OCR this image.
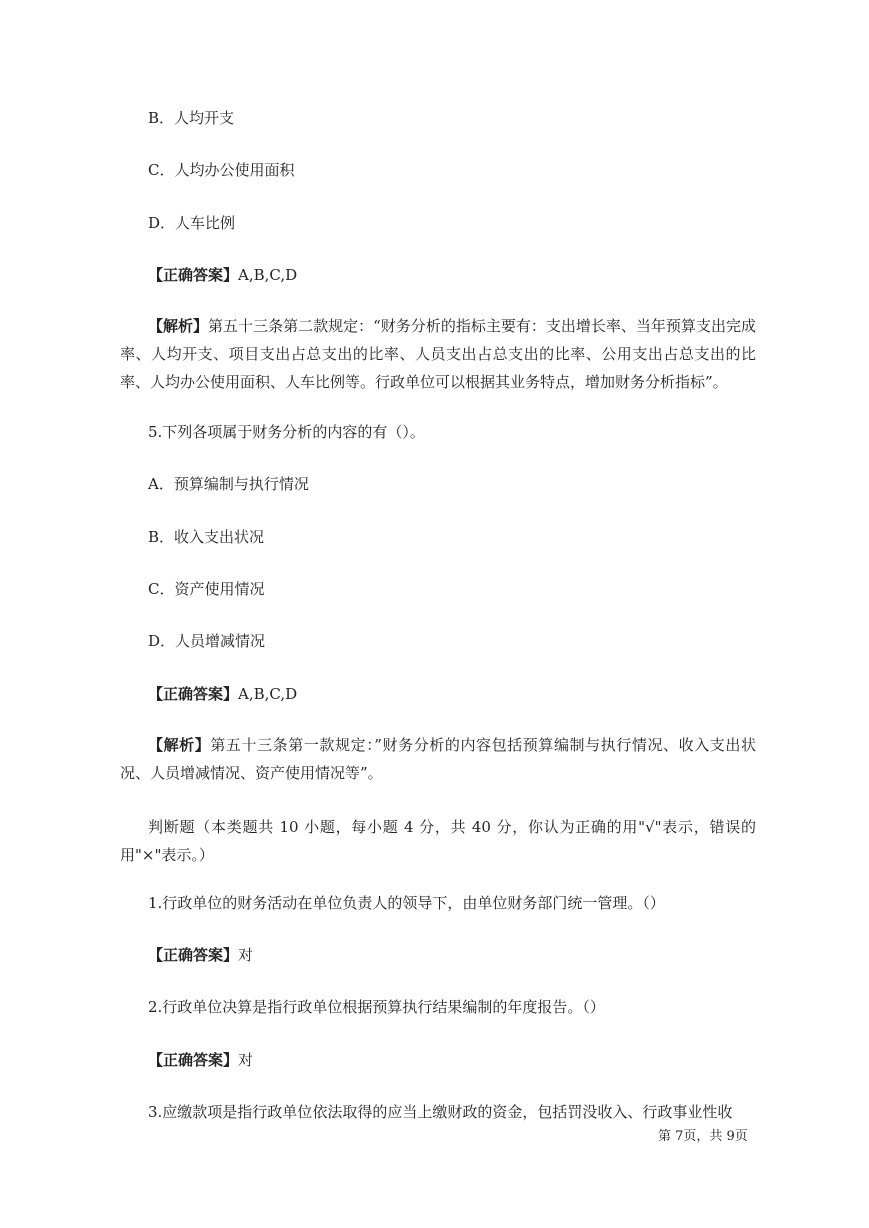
B．人均开支
C．人均办公使用面积
D．人车比例
【正确答案】A,B,C,D
【解析】第五十三条第二款规定：“财务分析的指标主要有：支出增长率、当年预算支出完成率、人均开支、项目支出占总支出的比率、人员支出占总支出的比率、公用支出占总支出的比率、人均办公使用面积、人车比例等。行政单位可以根据其业务特点，增加财务分析指标”。
5.下列各项属于财务分析的内容的有（）。
A．预算编制与执行情况
B．收入支出状况
C．资产使用情况
D．人员增减情况
【正确答案】A,B,C,D
【解析】第五十三条第一款规定：”财务分析的内容包括预算编制与执行情况、收入支出状况、人员增减情况、资产使用情况等”。
判断题（本类题共 10 小题，每小题 4 分，共 40 分，你认为正确的用"√"表示，错误的用"×"表示。）
1.行政单位的财务活动在单位负责人的领导下，由单位财务部门统一管理。（）
【正确答案】对
2.行政单位决算是指行政单位根据预算执行结果编制的年度报告。（）
【正确答案】对
3.应缴款项是指行政单位依法取得的应当上缴财政的资金，包括罚没收入、行政事业性收
第 7页，共 9页
